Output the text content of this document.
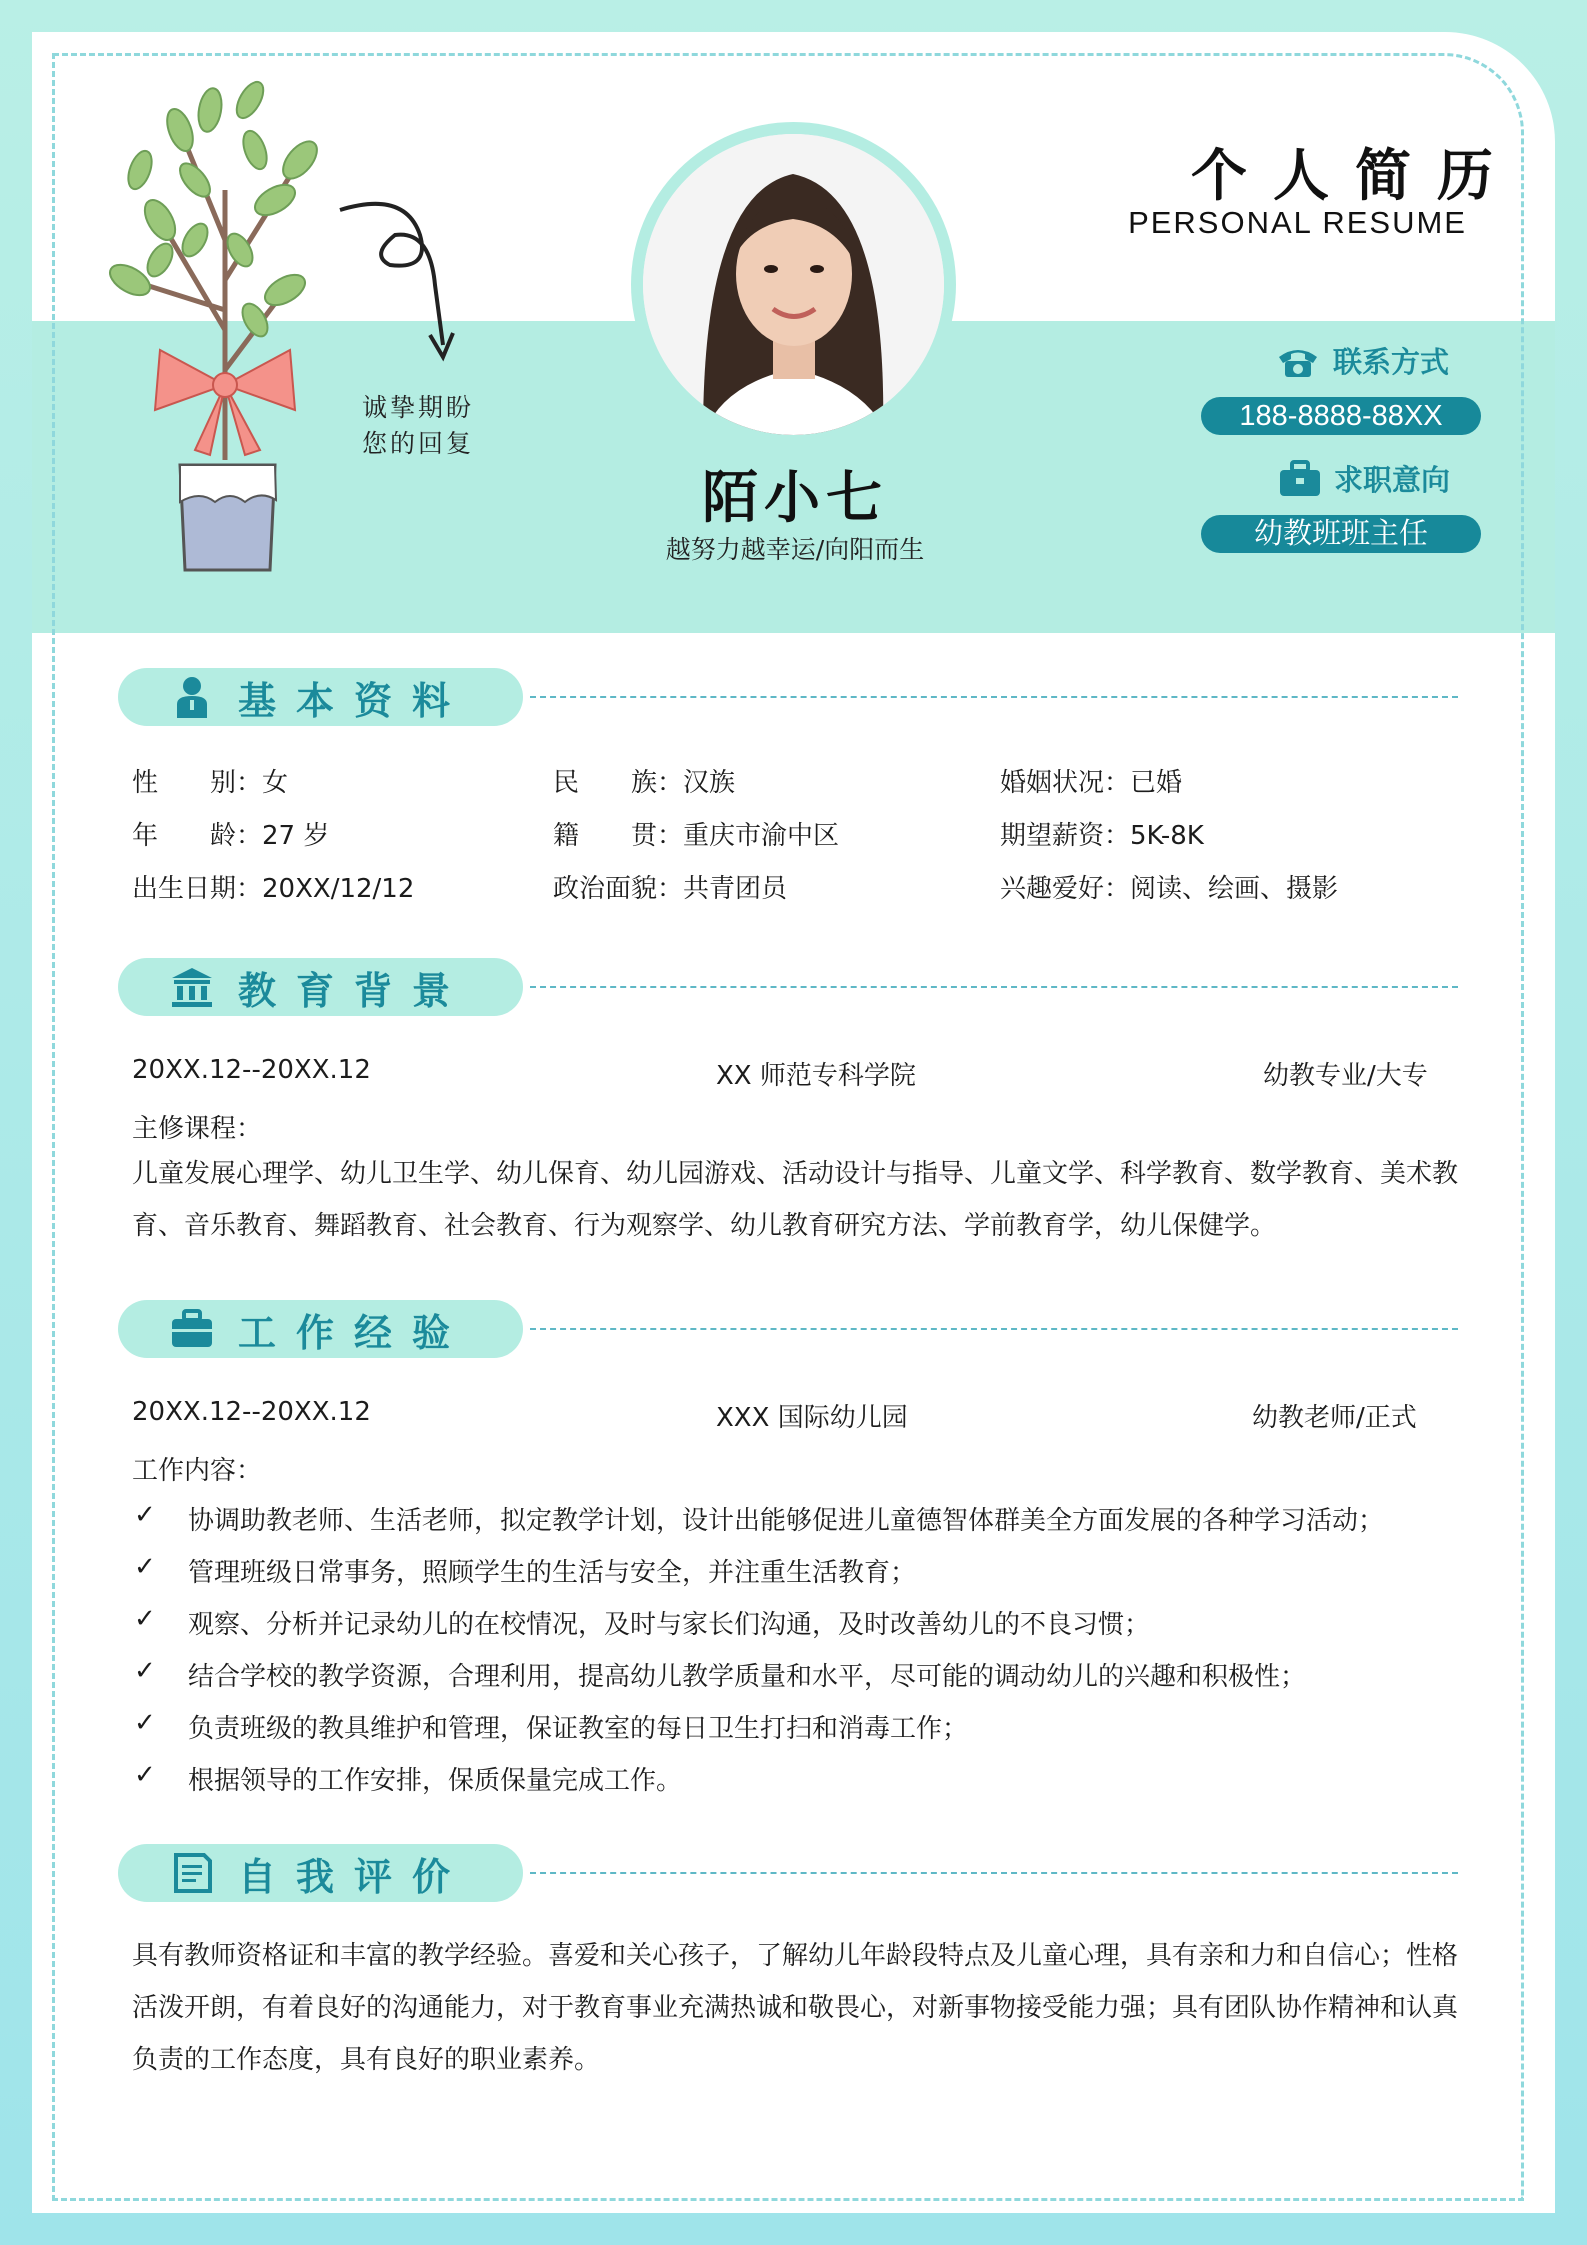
诚挚期盼
您的回复
陌小七
越努力越幸运/向阳而生
个人简历
PERSONAL RESUME
联系方式
188-8888-88XX
求职意向
幼教班班主任
基本资料
性　　别：女	民　　族：汉族	婚姻状况：已婚
年　　龄：27 岁	籍　　贯：重庆市渝中区	期望薪资：5K-8K
出生日期：20XX/12/12	政治面貌：共青团员	兴趣爱好：阅读、绘画、摄影
教育背景
20XX.12--20XX.12	XX 师范专科学院	幼教专业/大专
主修课程：
儿童发展心理学、幼儿卫生学、幼儿保育、幼儿园游戏、活动设计与指导、儿童文学、科学教育、数学教育、美术教育、音乐教育、舞蹈教育、社会教育、行为观察学、幼儿教育研究方法、学前教育学，幼儿保健学。
工作经验
20XX.12--20XX.12	XXX 国际幼儿园	幼教老师/正式
工作内容：
✓ 协调助教老师、生活老师，拟定教学计划，设计出能够促进儿童德智体群美全方面发展的各种学习活动；
✓ 管理班级日常事务，照顾学生的生活与安全，并注重生活教育；
✓ 观察、分析并记录幼儿的在校情况，及时与家长们沟通，及时改善幼儿的不良习惯；
✓ 结合学校的教学资源，合理利用，提高幼儿教学质量和水平，尽可能的调动幼儿的兴趣和积极性；
✓ 负责班级的教具维护和管理，保证教室的每日卫生打扫和消毒工作；
✓ 根据领导的工作安排，保质保量完成工作。
自我评价
具有教师资格证和丰富的教学经验。喜爱和关心孩子，了解幼儿年龄段特点及儿童心理，具有亲和力和自信心；性格活泼开朗，有着良好的沟通能力，对于教育事业充满热诚和敬畏心，对新事物接受能力强；具有团队协作精神和认真负责的工作态度，具有良好的职业素养。
